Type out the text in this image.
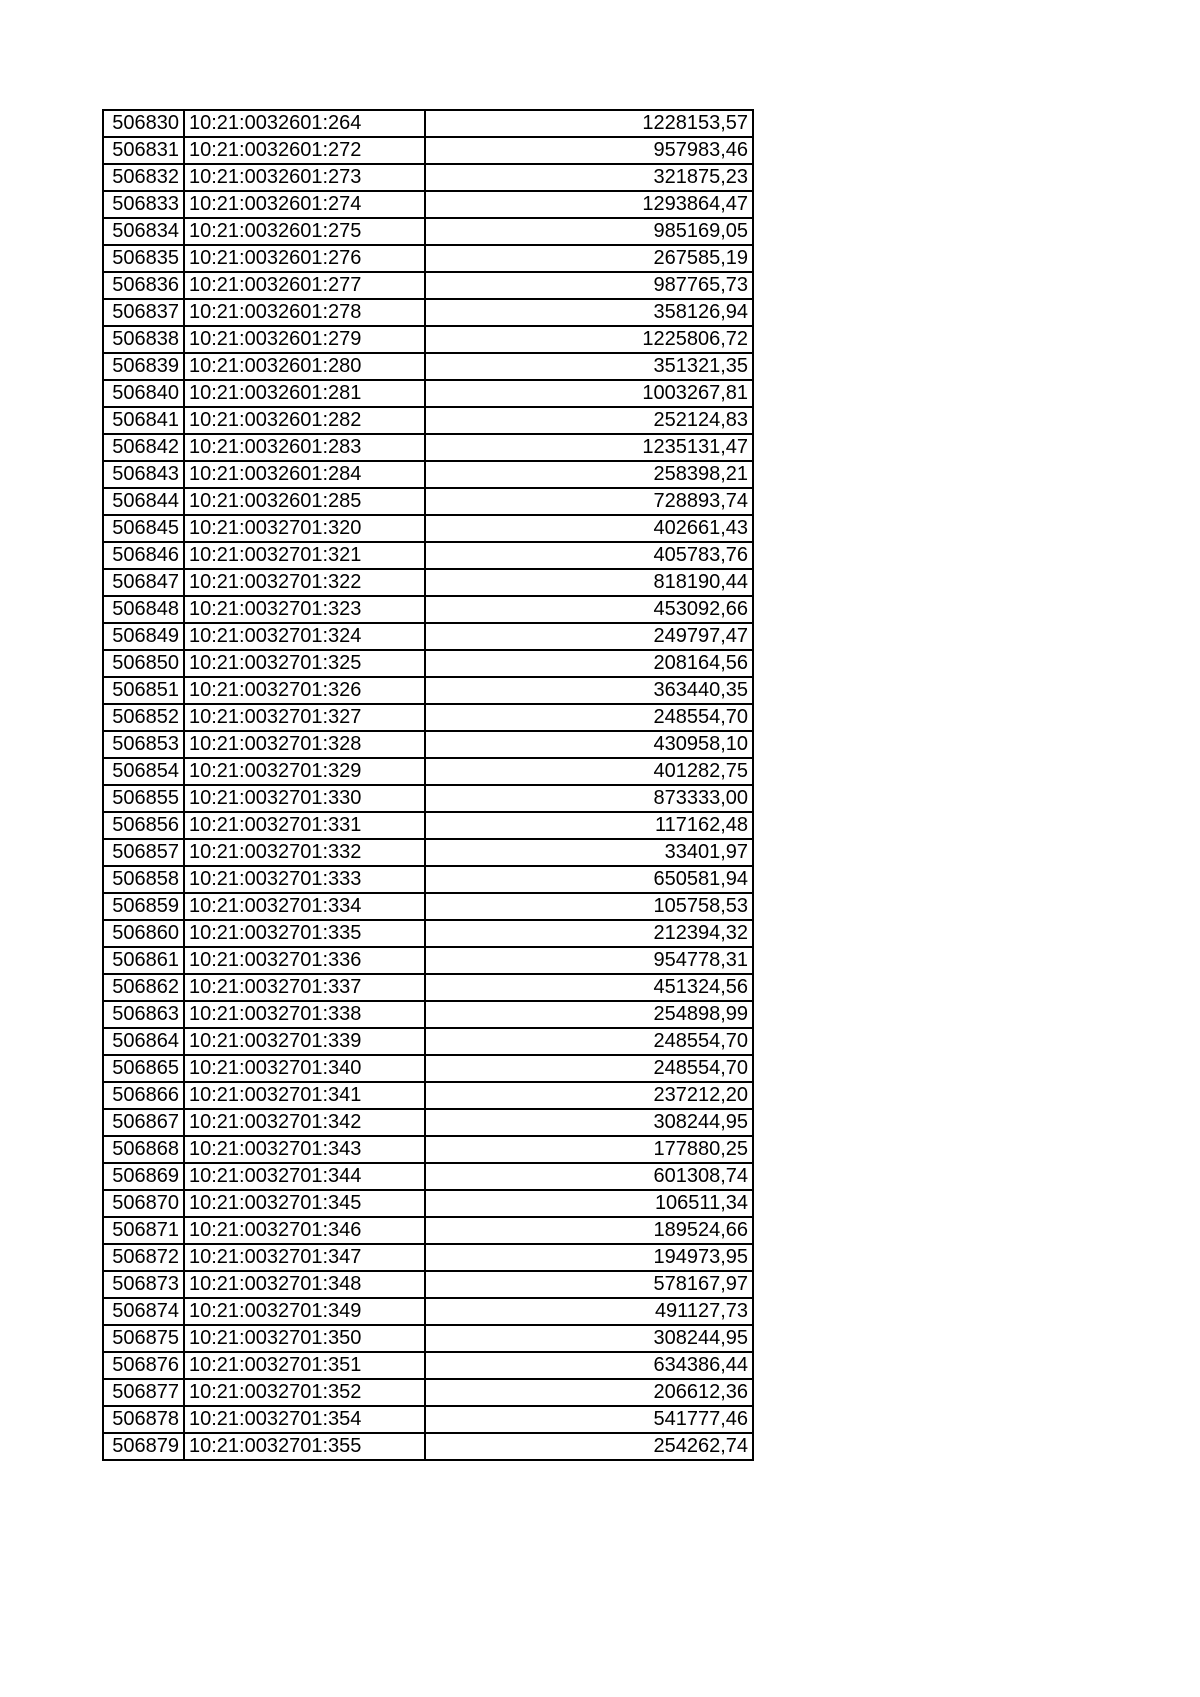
506830	10:21:0032601:264	1228153,57
506831	10:21:0032601:272	957983,46
506832	10:21:0032601:273	321875,23
506833	10:21:0032601:274	1293864,47
506834	10:21:0032601:275	985169,05
506835	10:21:0032601:276	267585,19
506836	10:21:0032601:277	987765,73
506837	10:21:0032601:278	358126,94
506838	10:21:0032601:279	1225806,72
506839	10:21:0032601:280	351321,35
506840	10:21:0032601:281	1003267,81
506841	10:21:0032601:282	252124,83
506842	10:21:0032601:283	1235131,47
506843	10:21:0032601:284	258398,21
506844	10:21:0032601:285	728893,74
506845	10:21:0032701:320	402661,43
506846	10:21:0032701:321	405783,76
506847	10:21:0032701:322	818190,44
506848	10:21:0032701:323	453092,66
506849	10:21:0032701:324	249797,47
506850	10:21:0032701:325	208164,56
506851	10:21:0032701:326	363440,35
506852	10:21:0032701:327	248554,70
506853	10:21:0032701:328	430958,10
506854	10:21:0032701:329	401282,75
506855	10:21:0032701:330	873333,00
506856	10:21:0032701:331	117162,48
506857	10:21:0032701:332	33401,97
506858	10:21:0032701:333	650581,94
506859	10:21:0032701:334	105758,53
506860	10:21:0032701:335	212394,32
506861	10:21:0032701:336	954778,31
506862	10:21:0032701:337	451324,56
506863	10:21:0032701:338	254898,99
506864	10:21:0032701:339	248554,70
506865	10:21:0032701:340	248554,70
506866	10:21:0032701:341	237212,20
506867	10:21:0032701:342	308244,95
506868	10:21:0032701:343	177880,25
506869	10:21:0032701:344	601308,74
506870	10:21:0032701:345	106511,34
506871	10:21:0032701:346	189524,66
506872	10:21:0032701:347	194973,95
506873	10:21:0032701:348	578167,97
506874	10:21:0032701:349	491127,73
506875	10:21:0032701:350	308244,95
506876	10:21:0032701:351	634386,44
506877	10:21:0032701:352	206612,36
506878	10:21:0032701:354	541777,46
506879	10:21:0032701:355	254262,74
